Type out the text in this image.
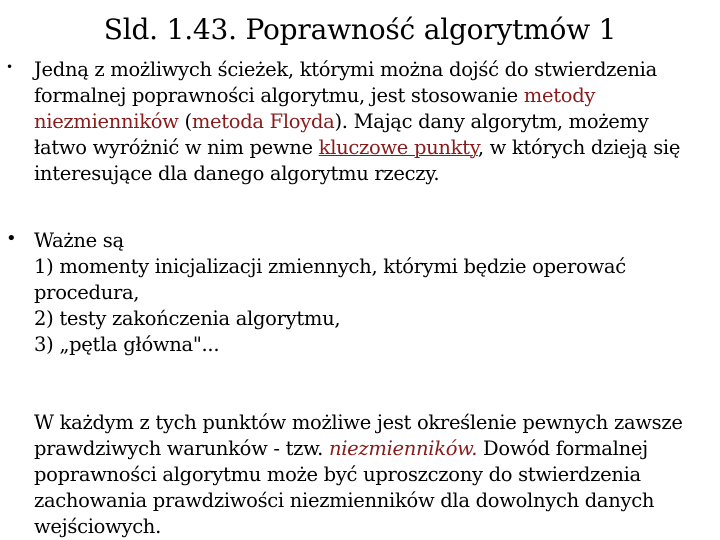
Sld. 1.43. Poprawność algorytmów 1
• Jedną z możliwych ścieżek, którymi można dojść do stwierdzenia formalnej poprawności algorytmu, jest stosowanie metody niezmienników (metoda Floyda). Mając dany algorytm, możemy łatwo wyróżnić w nim pewne kluczowe punkty, w których dzieją się interesujące dla danego algorytmu rzeczy.
• Ważne są
1) momenty inicjalizacji zmiennych, którymi będzie operować procedura,
2) testy zakończenia algorytmu,
3) „pętla główna"...
W każdym z tych punktów możliwe jest określenie pewnych zawsze prawdziwych warunków - tzw. niezmienników. Dowód formalnej poprawności algorytmu może być uproszczony do stwierdzenia zachowania prawdziwości niezmienników dla dowolnych danych wejściowych.
